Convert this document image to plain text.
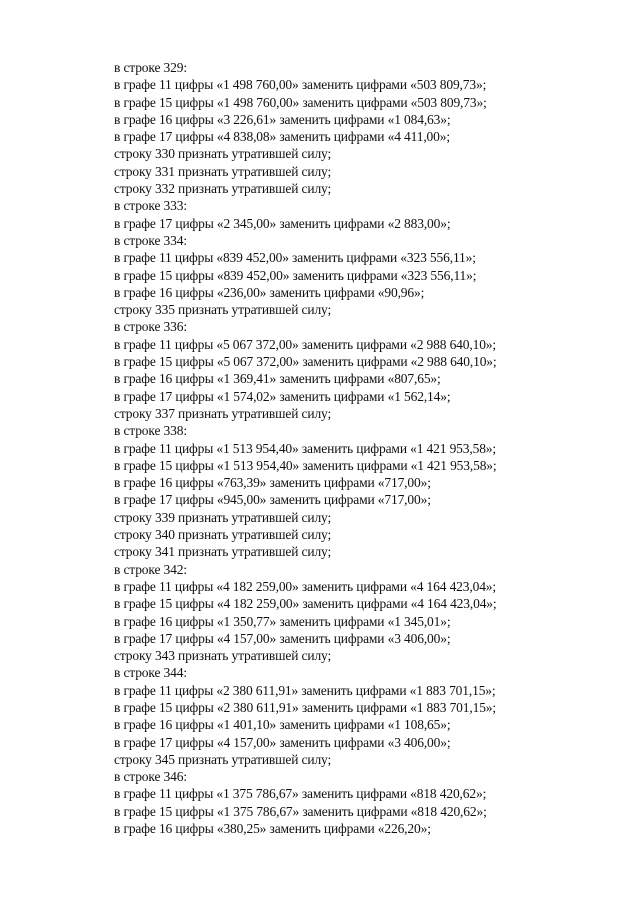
в строке 329:
в графе 11 цифры «1 498 760,00» заменить цифрами «503 809,73»;
в графе 15 цифры «1 498 760,00» заменить цифрами «503 809,73»;
в графе 16 цифры «3 226,61» заменить цифрами «1 084,63»;
в графе 17 цифры «4 838,08» заменить цифрами «4 411,00»;
строку 330 признать утратившей силу;
строку 331 признать утратившей силу;
строку 332 признать утратившей силу;
в строке 333:
в графе 17 цифры «2 345,00» заменить цифрами «2 883,00»;
в строке 334:
в графе 11 цифры «839 452,00» заменить цифрами «323 556,11»;
в графе 15 цифры «839 452,00» заменить цифрами «323 556,11»;
в графе 16 цифры «236,00» заменить цифрами «90,96»;
строку 335 признать утратившей силу;
в строке 336:
в графе 11 цифры «5 067 372,00» заменить цифрами «2 988 640,10»;
в графе 15 цифры «5 067 372,00» заменить цифрами «2 988 640,10»;
в графе 16 цифры «1 369,41» заменить цифрами «807,65»;
в графе 17 цифры «1 574,02» заменить цифрами «1 562,14»;
строку 337 признать утратившей силу;
в строке 338:
в графе 11 цифры «1 513 954,40» заменить цифрами «1 421 953,58»;
в графе 15 цифры «1 513 954,40» заменить цифрами «1 421 953,58»;
в графе 16 цифры «763,39» заменить цифрами «717,00»;
в графе 17 цифры «945,00» заменить цифрами «717,00»;
строку 339 признать утратившей силу;
строку 340 признать утратившей силу;
строку 341 признать утратившей силу;
в строке 342:
в графе 11 цифры «4 182 259,00» заменить цифрами «4 164 423,04»;
в графе 15 цифры «4 182 259,00» заменить цифрами «4 164 423,04»;
в графе 16 цифры «1 350,77» заменить цифрами «1 345,01»;
в графе 17 цифры «4 157,00» заменить цифрами «3 406,00»;
строку 343 признать утратившей силу;
в строке 344:
в графе 11 цифры «2 380 611,91» заменить цифрами «1 883 701,15»;
в графе 15 цифры «2 380 611,91» заменить цифрами «1 883 701,15»;
в графе 16 цифры «1 401,10» заменить цифрами «1 108,65»;
в графе 17 цифры «4 157,00» заменить цифрами «3 406,00»;
строку 345 признать утратившей силу;
в строке 346:
в графе 11 цифры «1 375 786,67» заменить цифрами «818 420,62»;
в графе 15 цифры «1 375 786,67» заменить цифрами «818 420,62»;
в графе 16 цифры «380,25» заменить цифрами «226,20»;
